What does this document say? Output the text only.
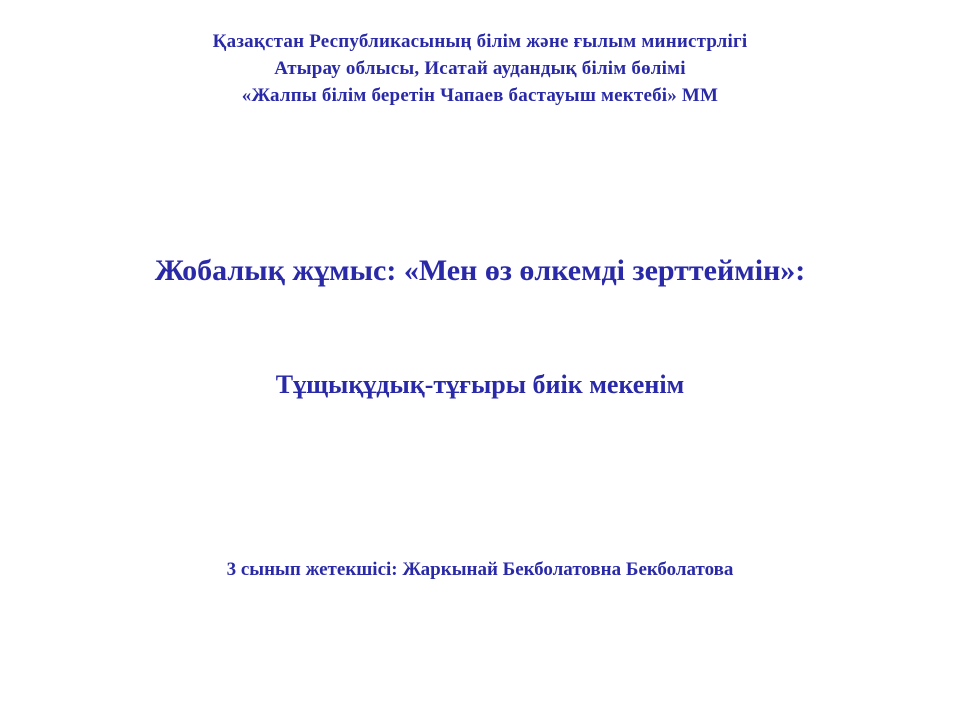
Қазақстан Республикасының білім және ғылым министрлігі
Атырау облысы, Исатай аудандық білім бөлімі
«Жалпы білім беретін Чапаев бастауыш мектебі» ММ
Жобалық жұмыс: «Мен өз өлкемді зерттеймін»:
Тұщықұдық-тұғыры биік мекенім
3 сынып жетекшісі: Жаркынай Бекболатовна Бекболатова
